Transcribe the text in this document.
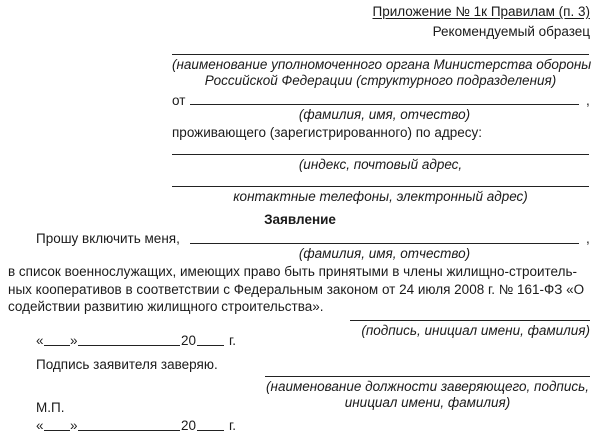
Приложение № 1к Правилам (п. 3)
Рекомендуемый образец
(наименование уполномоченного органа Министерства обороны
Российской Федерации (структурного подразделения)
от	,
(фамилия, имя, отчество)
проживающего (зарегистрированного) по адресу:
(индекс, почтовый адрес,
контактные телефоны, электронный адрес)
Заявление
Прошу включить меня,	,
(фамилия, имя, отчество)
в список военнослужащих, имеющих право быть принятыми в члены жилищно-строитель-ных кооперативов в соответствии с Федеральным законом от 24 июля 2008 г. № 161-ФЗ «О содействии развитию жилищного строительства».
(подпись, инициал имени, фамилия)
« »	20 г.
Подпись заявителя заверяю.
(наименование должности заверяющего, подпись,
инициал имени, фамилия)
М.П.
« »	20 г.
